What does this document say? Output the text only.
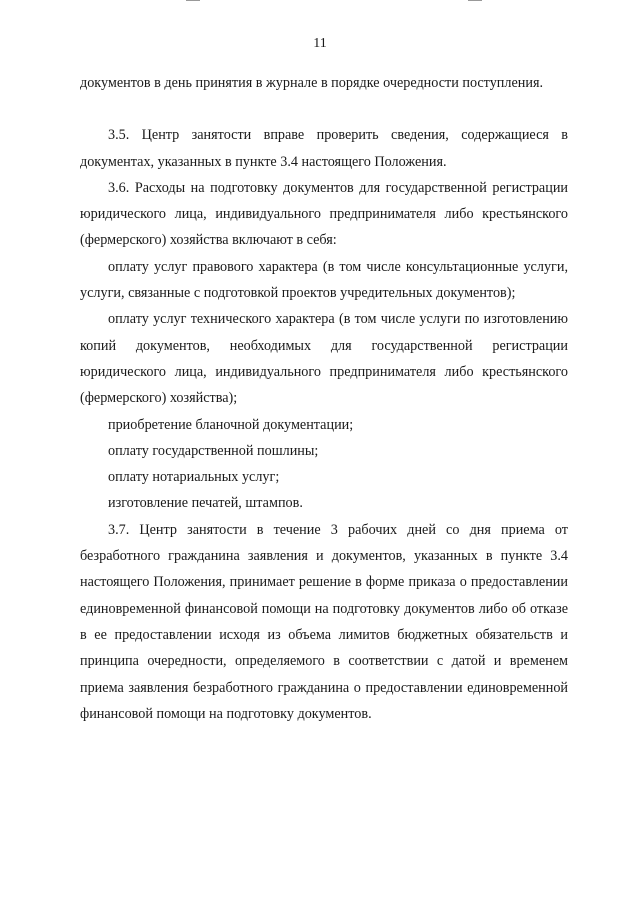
11

документов в день принятия в журнале в порядке очередности поступления.

3.5. Центр занятости вправе проверить сведения, содержащиеся в документах, указанных в пункте 3.4 настоящего Положения.

3.6. Расходы на подготовку документов для государственной регистрации юридического лица, индивидуального предпринимателя либо крестьянского (фермерского) хозяйства включают в себя:

оплату услуг правового характера (в том числе консультационные услуги, услуги, связанные с подготовкой проектов учредительных документов);

оплату услуг технического характера (в том числе услуги по изготовлению копий документов, необходимых для государственной регистрации юридического лица, индивидуального предпринимателя либо крестьянского (фермерского) хозяйства);

приобретение бланочной документации;

оплату государственной пошлины;

оплату нотариальных услуг;

изготовление печатей, штампов.

3.7. Центр занятости в течение 3 рабочих дней со дня приема от безработного гражданина заявления и документов, указанных в пункте 3.4 настоящего Положения, принимает решение в форме приказа о предоставлении единовременной финансовой помощи на подготовку документов либо об отказе в ее предоставлении исходя из объема лимитов бюджетных обязательств и принципа очередности, определяемого в соответствии с датой и временем приема заявления безработного гражданина о предоставлении единовременной финансовой помощи на подготовку документов.
